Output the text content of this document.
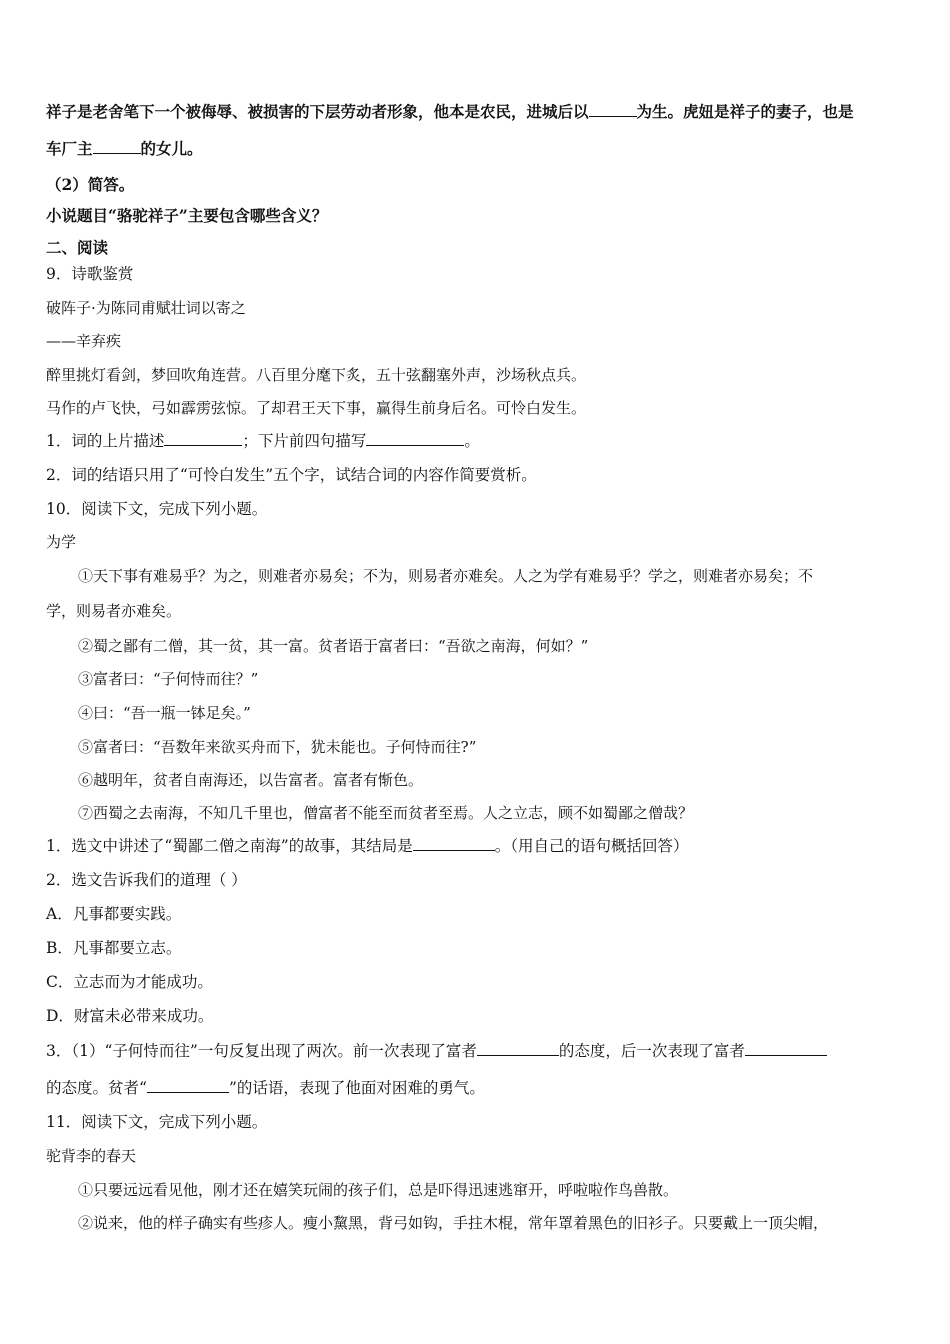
祥子是老舍笔下一个被侮辱、被损害的下层劳动者形象，他本是农民，进城后以	为生。虎妞是祥子的妻子，也是
车厂主	的女儿。
（2）简答。
小说题目“骆驼祥子”主要包含哪些含义？
二、阅读
9．诗歌鉴赏
破阵子·为陈同甫赋壮词以寄之
——辛弃疾
醉里挑灯看剑，梦回吹角连营。八百里分麾下炙，五十弦翻塞外声，沙场秋点兵。
马作的卢飞快，弓如霹雳弦惊。了却君王天下事，赢得生前身后名。可怜白发生。
1．词的上片描述	；下片前四句描写	。
2．词的结语只用了“可怜白发生”五个字，试结合词的内容作简要赏析。
10．阅读下文，完成下列小题。
为学
①天下事有难易乎？为之，则难者亦易矣；不为，则易者亦难矣。人之为学有难易乎？学之，则难者亦易矣；不
学，则易者亦难矣。
②蜀之鄙有二僧，其一贫，其一富。贫者语于富者曰：“吾欲之南海，何如？”
③富者曰：“子何恃而往？”
④曰：“吾一瓶一钵足矣。”
⑤富者曰：“吾数年来欲买舟而下，犹未能也。子何恃而往?”
⑥越明年，贫者自南海还，以告富者。富者有惭色。
⑦西蜀之去南海，不知几千里也，僧富者不能至而贫者至焉。人之立志，顾不如蜀鄙之僧哉？
1．选文中讲述了“蜀鄙二僧之南海”的故事，其结局是	。（用自己的语句概括回答）
2．选文告诉我们的道理（ ）
A．凡事都要实践。
B．凡事都要立志。
C．立志而为才能成功。
D．财富未必带来成功。
3．（1）“子何恃而往”一句反复出现了两次。前一次表现了富者	的态度，后一次表现了富者
的态度。贫者“	”的话语，表现了他面对困难的勇气。
11．阅读下文，完成下列小题。
驼背李的春天
①只要远远看见他，刚才还在嬉笑玩闹的孩子们，总是吓得迅速逃窜开，呼啦啦作鸟兽散。
②说来，他的样子确实有些疹人。瘦小黧黑，背弓如钩，手拄木棍，常年罩着黑色的旧衫子。只要戴上一顶尖帽，
